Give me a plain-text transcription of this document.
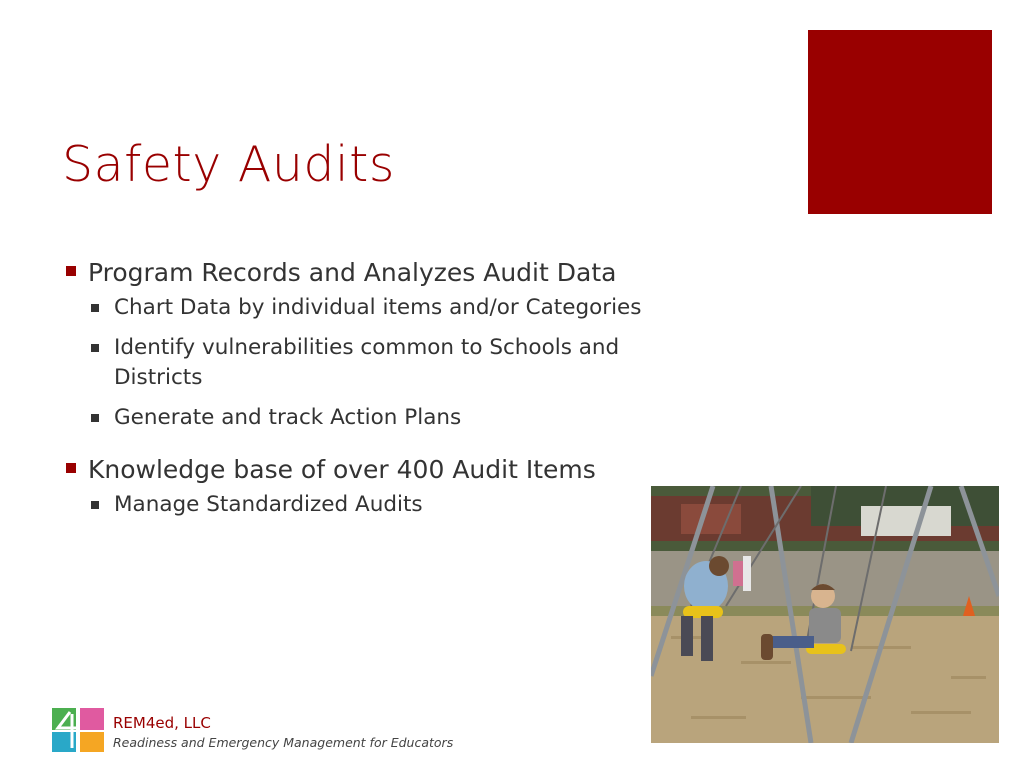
Safety Audits
Program Records and Analyzes Audit Data
Chart Data by individual items and/or Categories
Identify vulnerabilities common to Schools and Districts
Generate and track Action Plans
Knowledge base of over 400 Audit Items
Manage Standardized Audits
REM4ed, LLC
Readiness and Emergency Management for Educators
